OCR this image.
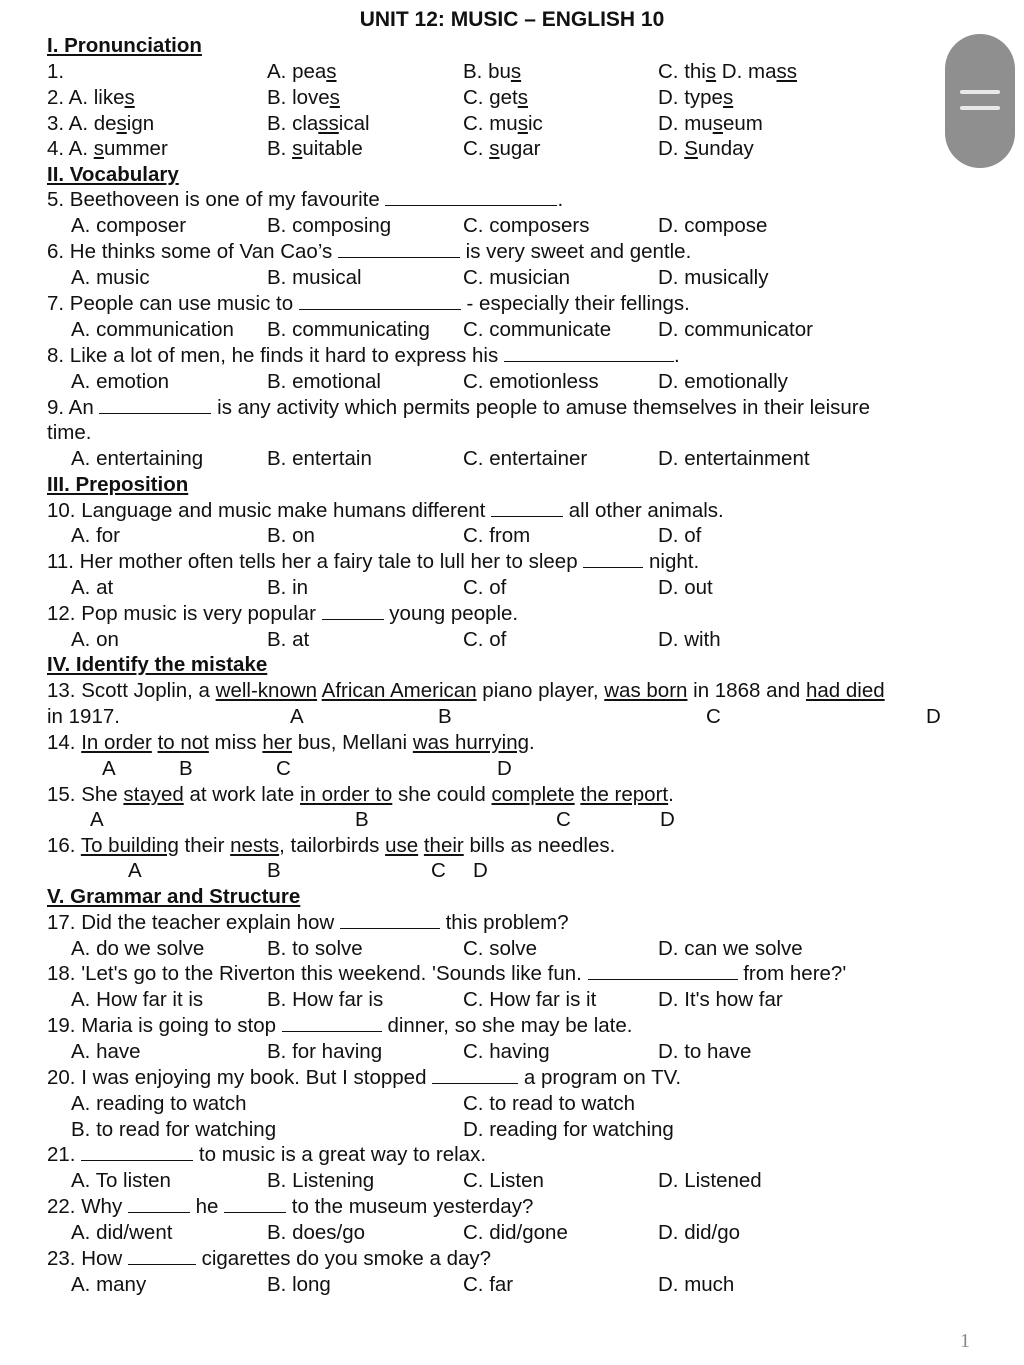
UNIT 12: MUSIC – ENGLISH 10
I. Pronunciation
1.	A. peas	B. bus	C. this D. mass
2. A. likes	B. loves	C. gets	D. types
3. A. design	B. classical	C. music	D. museum
4. A. summer	B. suitable	C. sugar	D. Sunday
II. Vocabulary
5. Beethoveen is one of my favourite	.
A. composer	B. composing	C. composers	D. compose
6. He thinks some of Van Cao’s	is very sweet and gentle.
A. music	B. musical	C. musician	D. musically
7. People can use music to	- especially their fellings.
A. communication B. communicating C. communicate D. communicator
8. Like a lot of men, he finds it hard to express his	.
A. emotion	B. emotional	C. emotionless	D. emotionally
9. An	is any activity which permits people to amuse themselves in their leisure
time.
A. entertaining	B. entertain	C. entertainer	D. entertainment
III. Preposition
10. Language and music make humans different	all other animals.
A. for	B. on	C. from	D. of
11. Her mother often tells her a fairy tale to lull her to sleep	night.
A. at	B. in	C. of	D. out
12. Pop music is very popular	young people.
A. on	B. at	C. of	D. with
IV. Identify the mistake
13. Scott Joplin, a well-known African American piano player, was born in 1868 and had died
in 1917.	A	B	C	D
14. In order to not miss her bus, Mellani was hurrying.
A	B	C	D
15. She stayed at work late in order to she could complete the report.
A	B	C	D
16. To building their nests, tailorbirds use their bills as needles.
A	B	C D
V. Grammar and Structure
17. Did the teacher explain how	this problem?
A. do we solve	B. to solve	C. solve	D. can we solve
18. 'Let's go to the Riverton this weekend. 'Sounds like fun.	from here?'
A. How far it is	B. How far is	C. How far is it	D. It's how far
19. Maria is going to stop	dinner, so she may be late.
A. have	B. for having	C. having	D. to have
20. I was enjoying my book. But I stopped	a program on TV.
A. reading to watch	C. to read to watch
B. to read for watching	D. reading for watching
21.	to music is a great way to relax.
A. To listen	B. Listening	C. Listen	D. Listened
22. Why	he	to the museum yesterday?
A. did/went	B. does/go	C. did/gone	D. did/go
23. How	cigarettes do you smoke a day?
A. many	B. long	C. far	D. much
1
